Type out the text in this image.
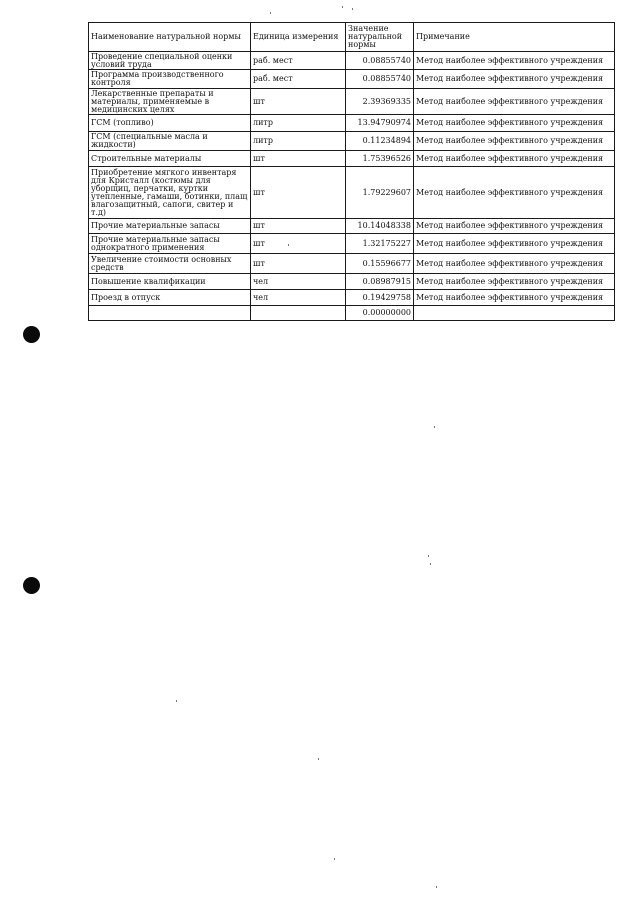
Наименование натуральной нормы	Единица измерения	Значение натуральной нормы	Примечание
Проведение специальной оценки условий труда	раб. мест	0.08855740	Метод наиболее эффективного учреждения
Программа производственного контроля	раб. мест	0.08855740	Метод наиболее эффективного учреждения
Лекарственные препараты и материалы, применяемые в медицинских целях	шт	2.39369335	Метод наиболее эффективного учреждения
ГСМ (топливо)	литр	13.94790974	Метод наиболее эффективного учреждения
ГСМ (специальные масла и жидкости)	литр	0.11234894	Метод наиболее эффективного учреждения
Строительные материалы	шт	1.75396526	Метод наиболее эффективного учреждения
Приобретение мягкого инвентаря для Кристалл (костюмы для уборщиц, перчатки, куртки утепленные, гамаши, ботинки, плащ влагозащитный, сапоги, свитер и т.д)	шт	1.79229607	Метод наиболее эффективного учреждения
Прочие материальные запасы	шт	10.14048338	Метод наиболее эффективного учреждения
Прочие материальные запасы однократного применения	шт	1.32175227	Метод наиболее эффективного учреждения
Увеличение стоимости основных средств	шт	0.15596677	Метод наиболее эффективного учреждения
Повышение квалификации	чел	0.08987915	Метод наиболее эффективного учреждения
Проезд в отпуск	чел	0.19429758	Метод наиболее эффективного учреждения
		0.00000000	
